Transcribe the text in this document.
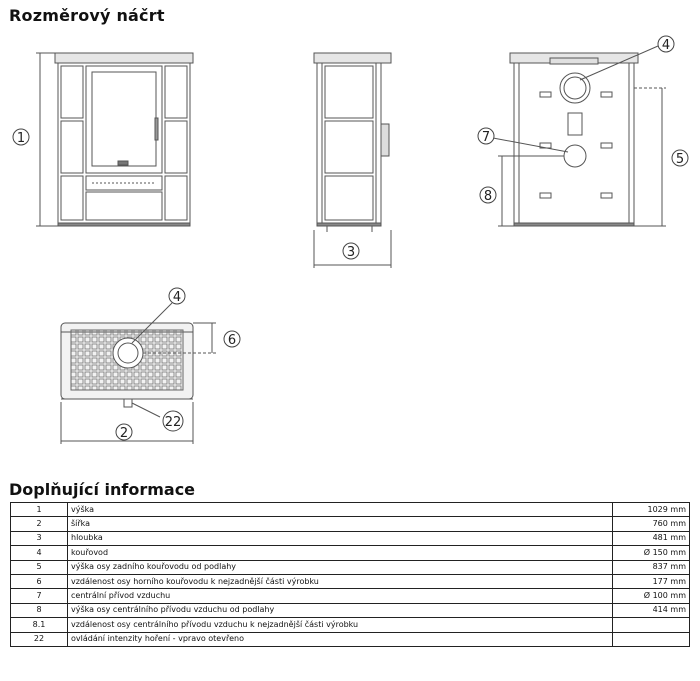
Rozměrový náčrt
1
3
4
5
7
8
4
6
2
22
Doplňující informace
1	výška	1029 mm
2	šířka	760 mm
3	hloubka	481 mm
4	kouřovod	Ø 150 mm
5	výška osy zadního kouřovodu od podlahy	837 mm
6	vzdálenost osy horního kouřovodu k nejzadnější části výrobku	177 mm
7	centrální přívod vzduchu	Ø 100 mm
8	výška osy centrálního přívodu vzduchu od podlahy	414 mm
8.1	vzdálenost osy centrálního přívodu vzduchu k nejzadnější části výrobku	
22	ovládání intenzity hoření - vpravo otevřeno	
